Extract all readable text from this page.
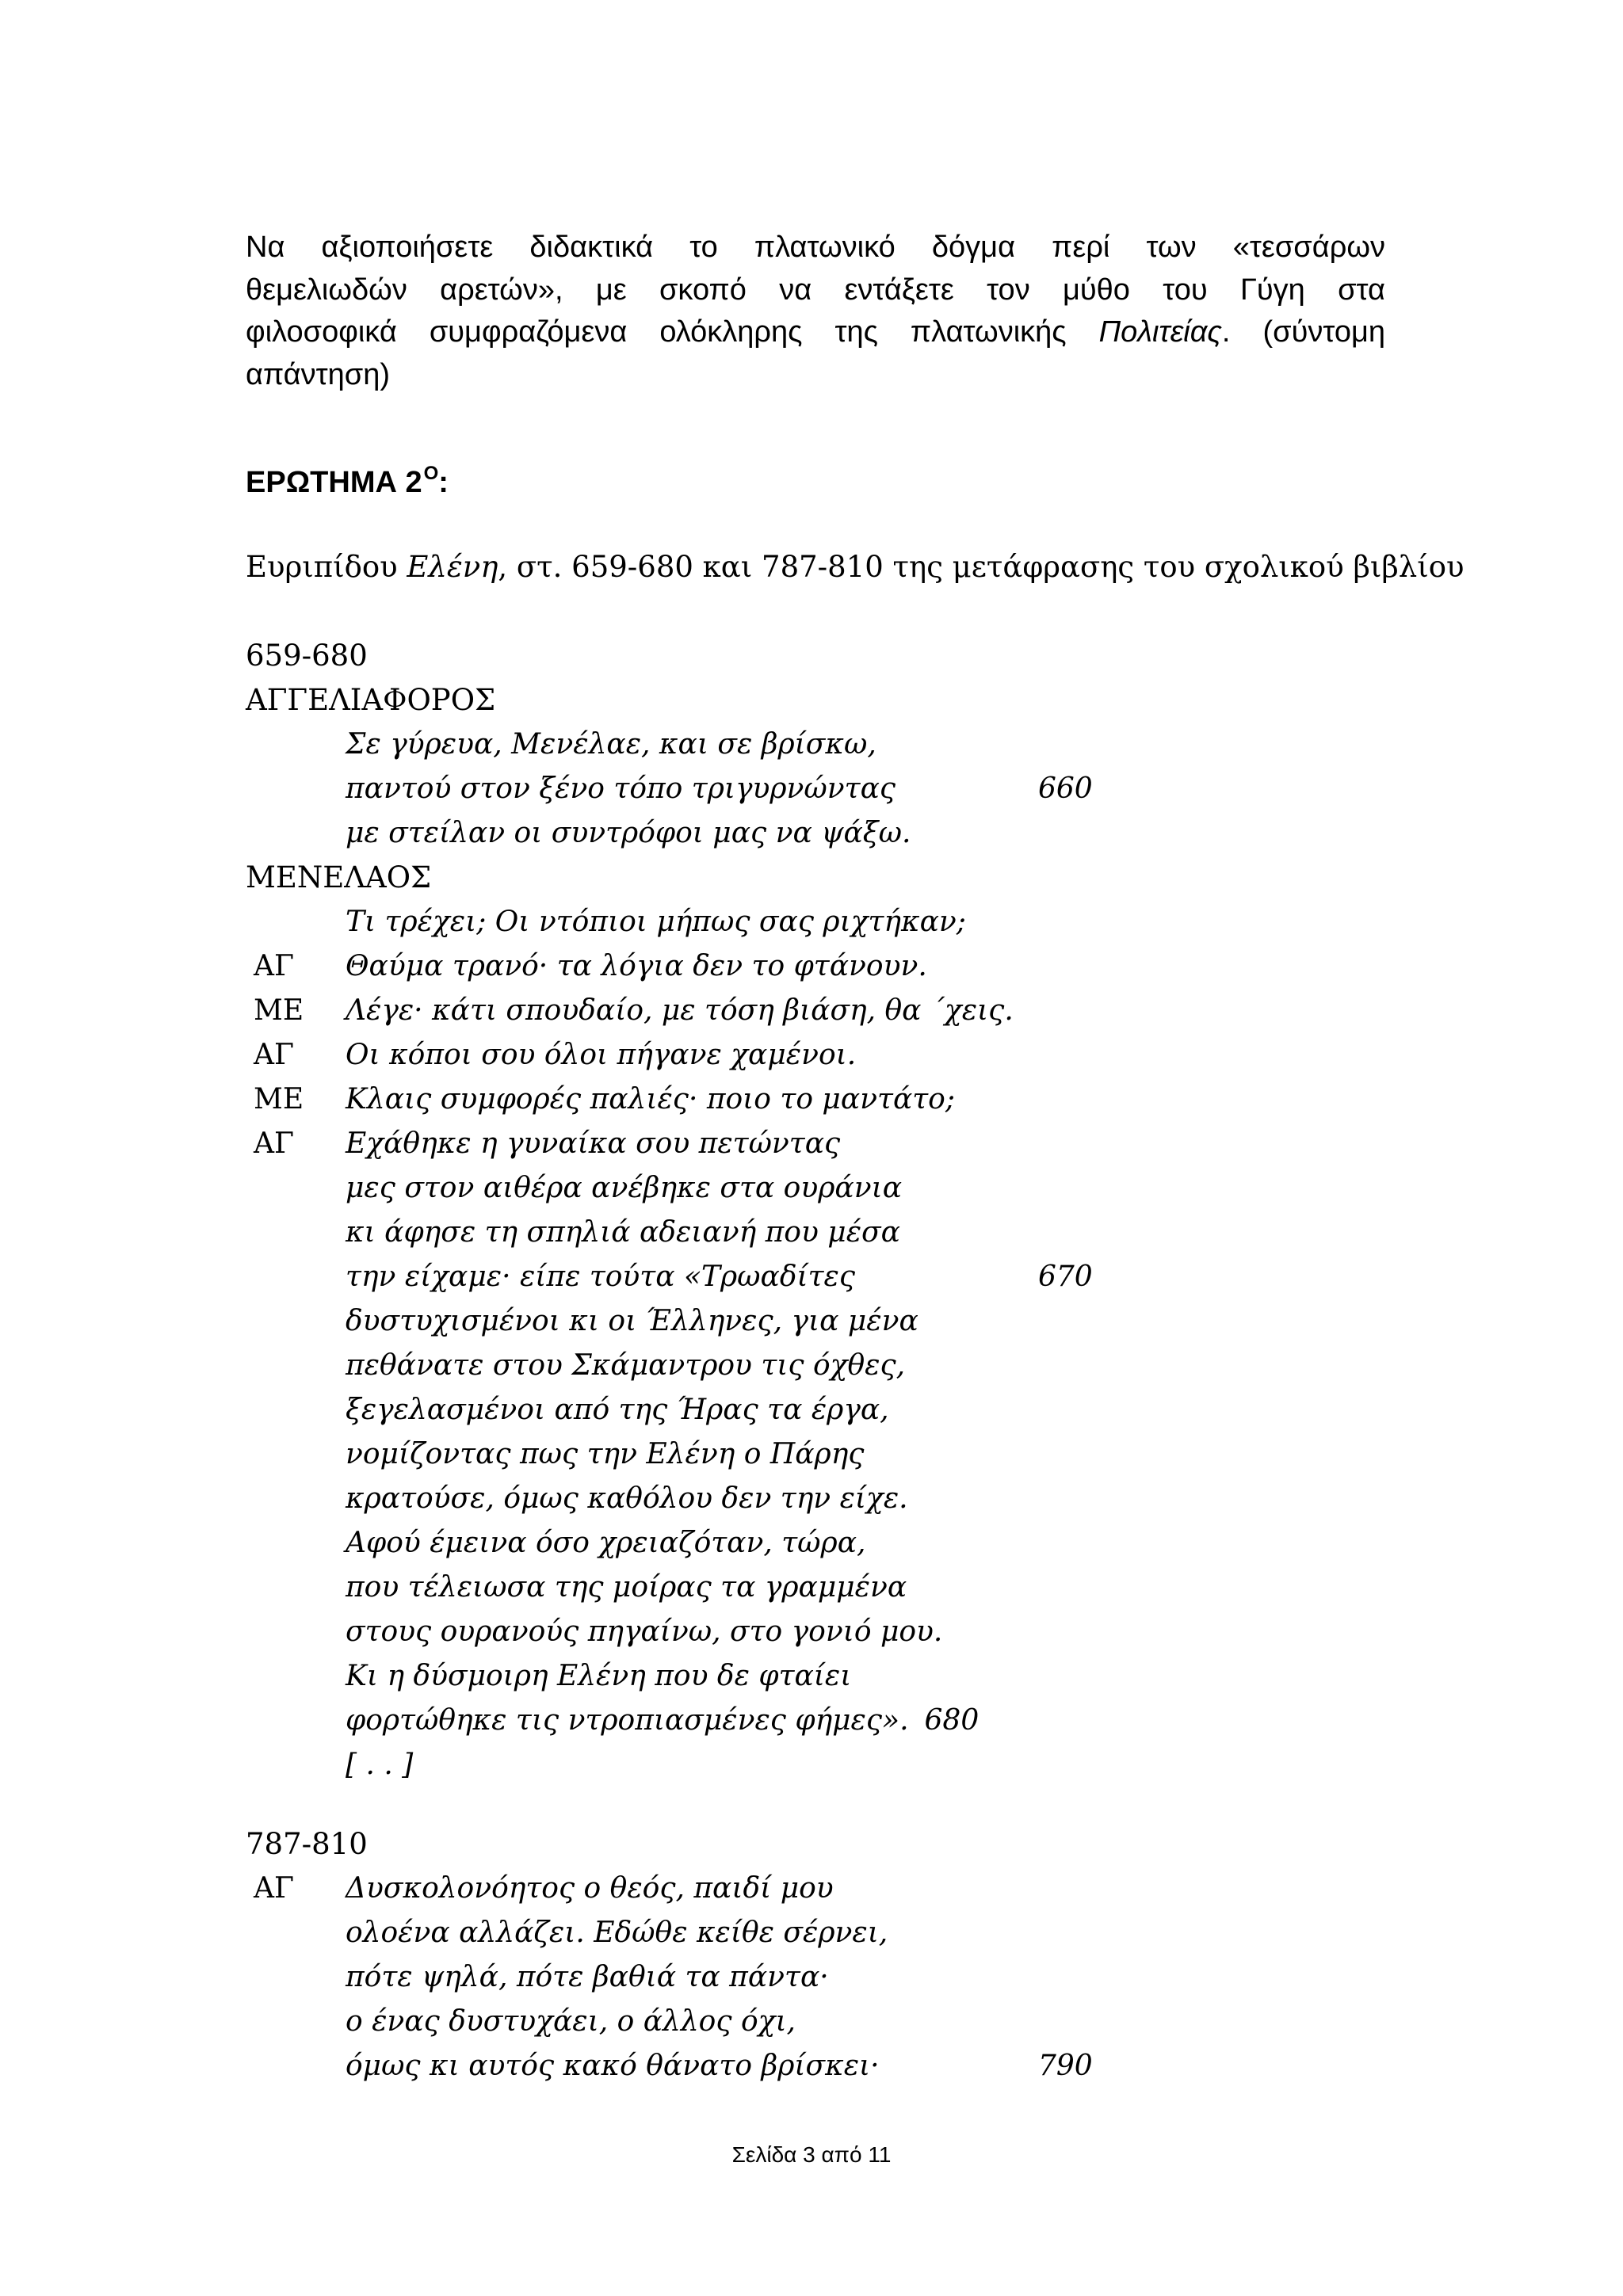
Να αξιοποιήσετε διδακτικά το πλατωνικό δόγμα περί των «τεσσάρων
θεμελιωδών αρετών», με σκοπό να εντάξετε τον μύθο του Γύγη στα
φιλοσοφικά συμφραζόμενα ολόκληρης της πλατωνικής Πολιτείας. (σύντομη
απάντηση)
ΕΡΩΤΗΜΑ $2^O$:
Ευριπίδου Ελένη, στ. 659-680 και 787-810 της μετάφρασης του σχολικού βιβλίου
659-680
ΑΓΓΕΛΙΑΦΟΡΟΣ
Σε γύρευα, Μενέλαε, και σε βρίσκω,
παντού στον ξένο τόπο τριγυρνώντας	660
με στείλαν οι συντρόφοι μας να ψάξω.
ΜΕΝΕΛΑΟΣ
Τι τρέχει; Οι ντόπιοι μήπως σας ριχτήκαν;
ΑΓ Θαύμα τρανό· τα λόγια δεν το φτάνουν.
ΜΕ Λέγε· κάτι σπουδαίο, με τόση βιάση, θα ΄χεις.
ΑΓ Οι κόποι σου όλοι πήγανε χαμένοι.
ΜΕ Κλαις συμφορές παλιές· ποιο το μαντάτο;
ΑΓ Εχάθηκε η γυναίκα σου πετώντας
μες στον αιθέρα ανέβηκε στα ουράνια
κι άφησε τη σπηλιά αδειανή που μέσα
την είχαμε· είπε τούτα «Τρωαδίτες	670
δυστυχισμένοι κι οι Έλληνες, για μένα
πεθάνατε στου Σκάμαντρου τις όχθες,
ξεγελασμένοι από της Ήρας τα έργα,
νομίζοντας πως την Ελένη ο Πάρης
κρατούσε, όμως καθόλου δεν την είχε.
Αφού έμεινα όσο χρειαζόταν, τώρα,
που τέλειωσα της μοίρας τα γραμμένα
στους ουρανούς πηγαίνω, στο γονιό μου.
Κι η δύσμοιρη Ελένη που δε φταίει
φορτώθηκε τις ντροπιασμένες φήμες». 680
[ . . ]
787-810
ΑΓ Δυσκολονόητος ο θεός, παιδί μου
ολοένα αλλάζει. Εδώθε κείθε σέρνει,
πότε ψηλά, πότε βαθιά τα πάντα·
ο ένας δυστυχάει, ο άλλος όχι,
όμως κι αυτός κακό θάνατο βρίσκει·	790
Σελίδα 3 από 11
